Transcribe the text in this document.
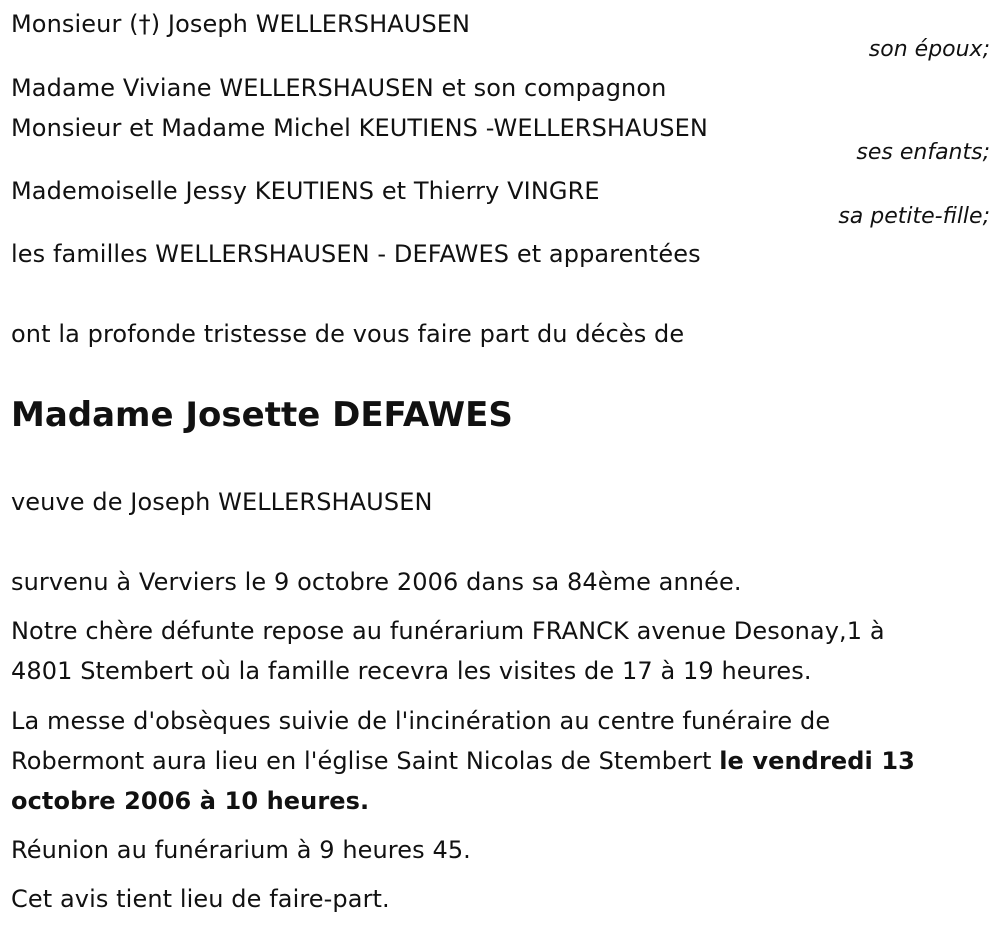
Monsieur (†) Joseph WELLERSHAUSEN
son époux;
Madame Viviane WELLERSHAUSEN et son compagnon
Monsieur et Madame Michel KEUTIENS -WELLERSHAUSEN
ses enfants;
Mademoiselle Jessy KEUTIENS et Thierry VINGRE
sa petite-fille;
les familles WELLERSHAUSEN - DEFAWES et apparentées
ont la profonde tristesse de vous faire part du décès de
Madame Josette DEFAWES
veuve de Joseph WELLERSHAUSEN
survenu à Verviers le 9 octobre 2006 dans sa 84ème année.
Notre chère défunte repose au funérarium FRANCK avenue Desonay,1 à
4801 Stembert où la famille recevra les visites de 17 à 19 heures.
La messe d'obsèques suivie de l'incinération au centre funéraire de
Robermont aura lieu en l'église Saint Nicolas de Stembert le vendredi 13
octobre 2006 à 10 heures.
Réunion au funérarium à 9 heures 45.
Cet avis tient lieu de faire-part.
